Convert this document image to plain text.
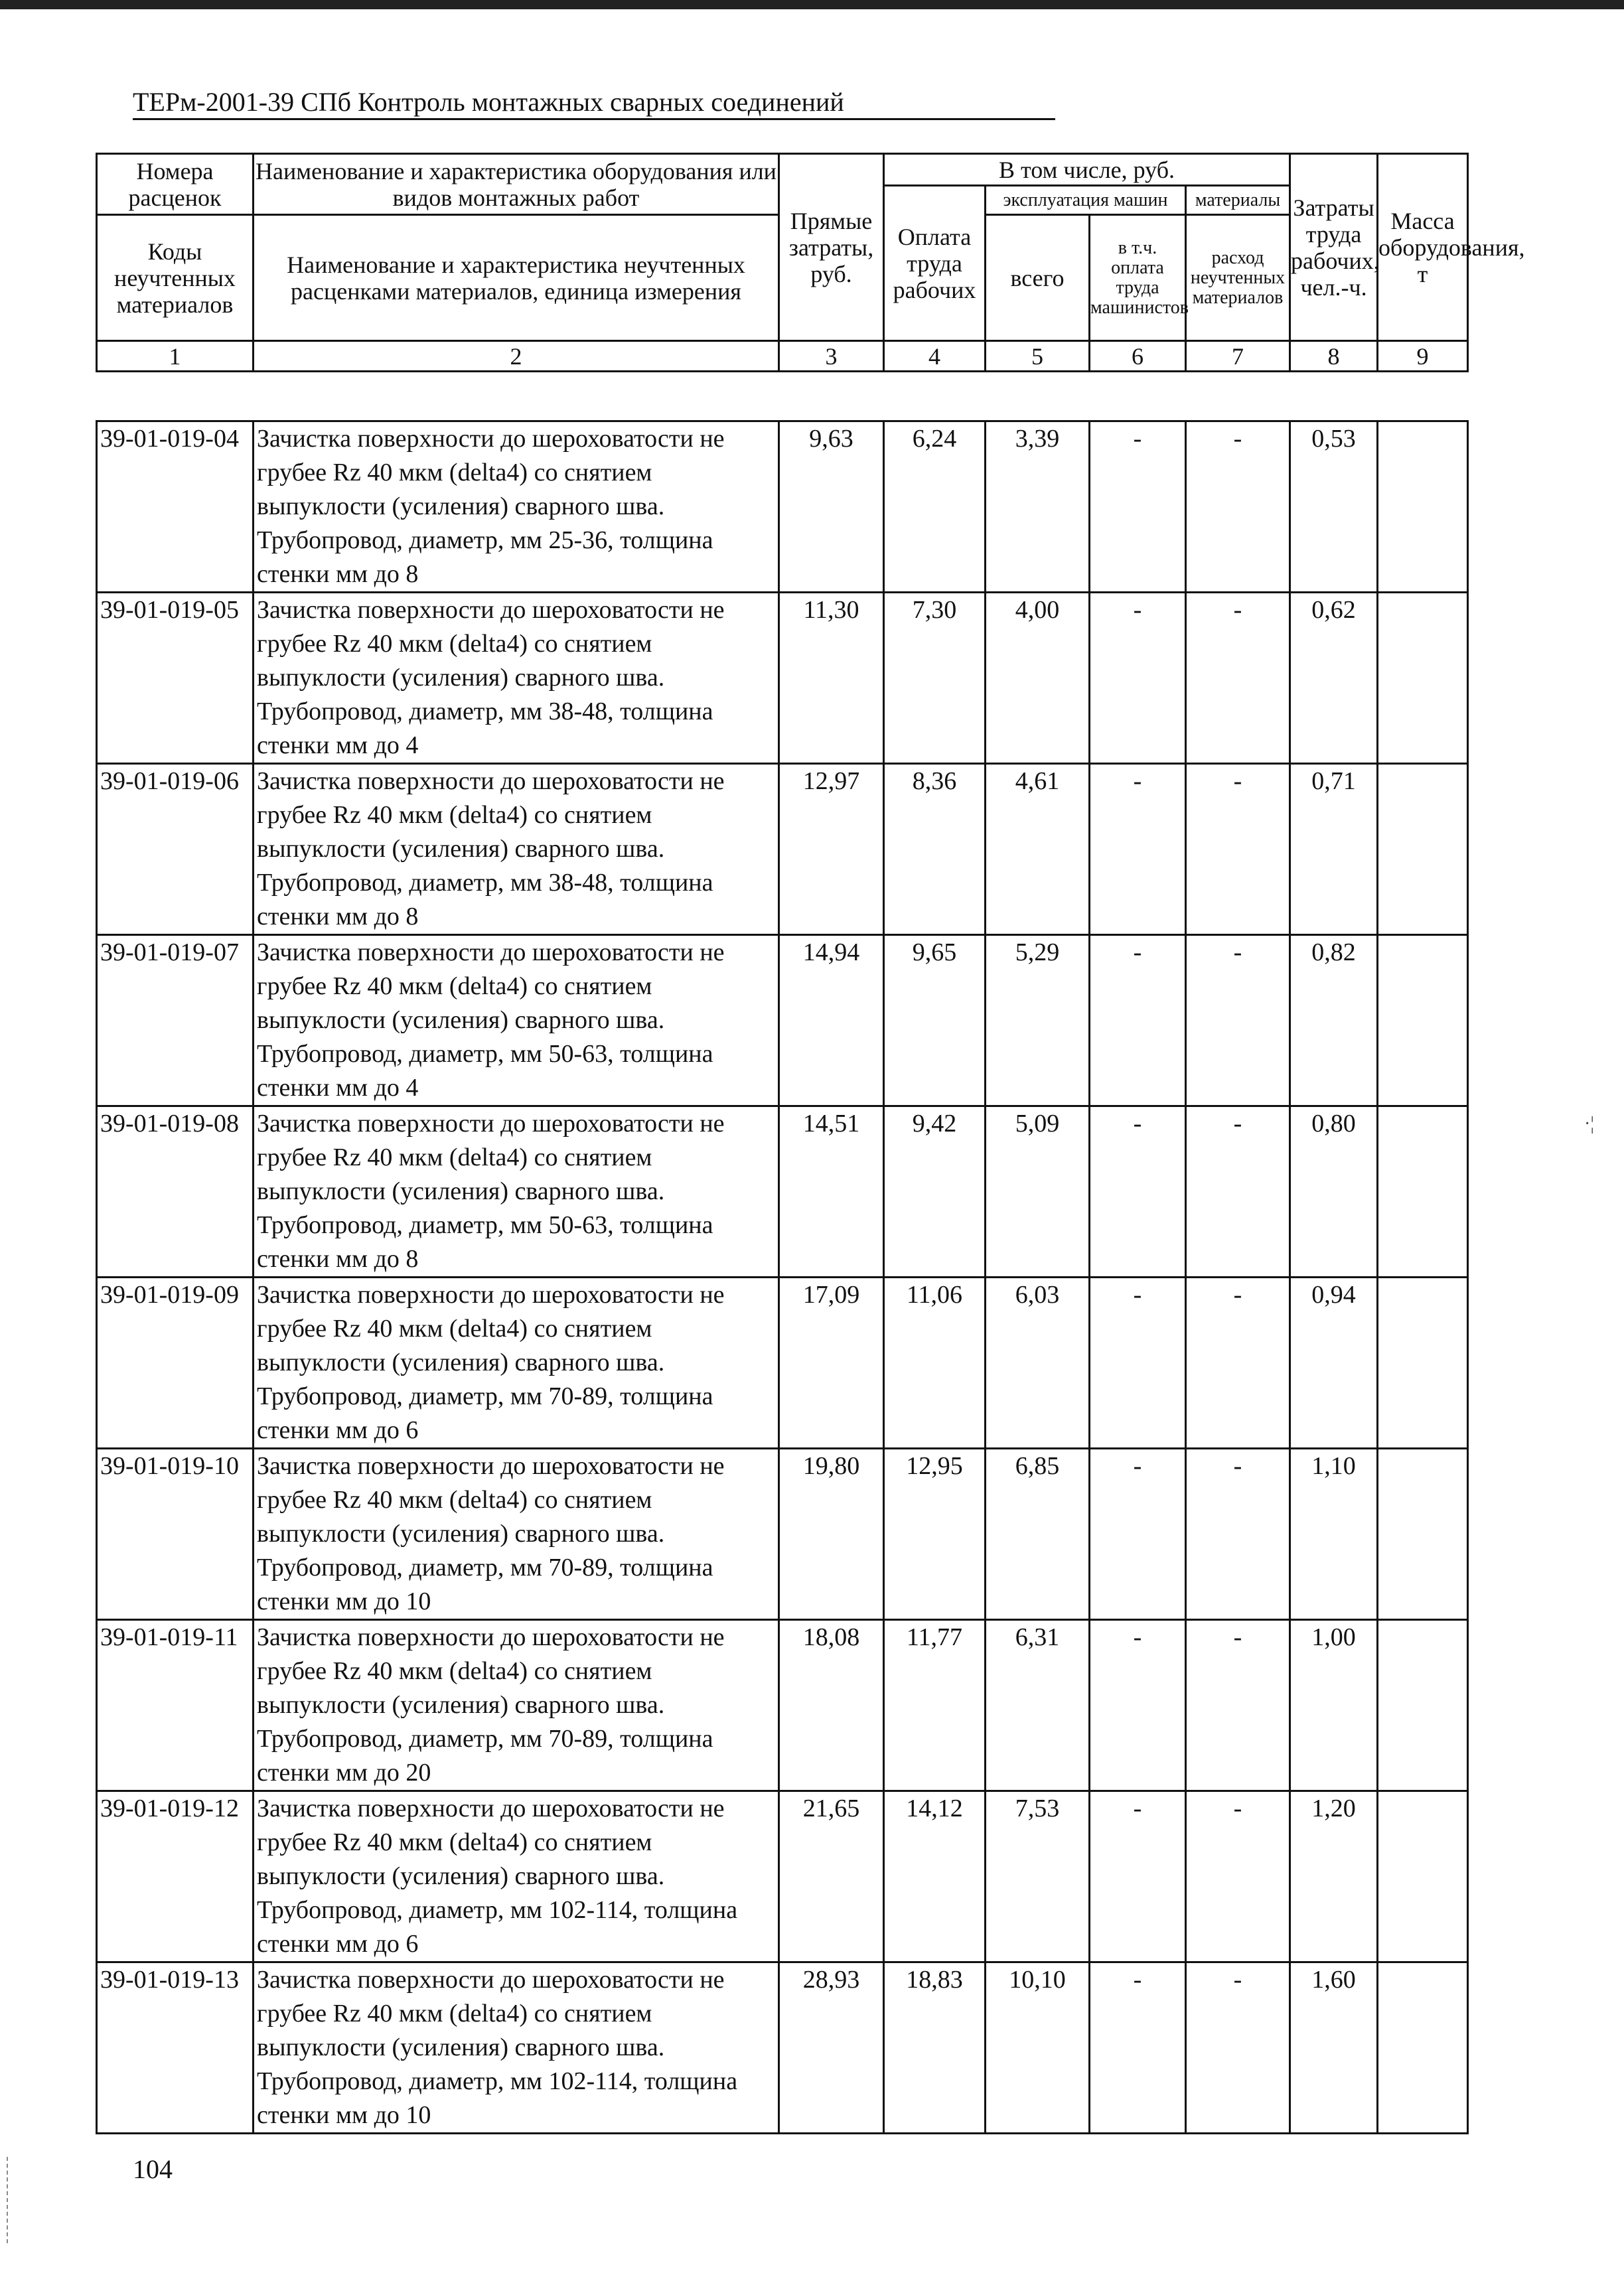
ТЕРм-2001-39 СПб Контроль монтажных сварных соединений
Номера расценок	Наименование и характеристика оборудования или видов монтажных работ	Прямые затраты, руб.	В том числе, руб.				Затраты труда рабочих, чел.-ч.	Масса оборудования, т
			Оплата труда рабочих	эксплуатация машин		материалы		
Коды неучтенных материалов	Наименование и характеристика неучтенных расценками материалов, единица измерения			всего	в т.ч. оплата труда машинистов	расход неучтенных материалов		

1	2	3	4	5	6	7	8	9
39-01-019-04	Зачистка поверхности до шероховатости не грубее Rz 40 мкм (delta4) со снятием выпуклости (усиления) сварного шва. Трубопровод, диаметр, мм 25-36, толщина стенки мм до 8	9,63	6,24	3,39	-	-	0,53	
39-01-019-05	Зачистка поверхности до шероховатости не грубее Rz 40 мкм (delta4) со снятием выпуклости (усиления) сварного шва. Трубопровод, диаметр, мм 38-48, толщина стенки мм до 4	11,30	7,30	4,00	-	-	0,62	
39-01-019-06	Зачистка поверхности до шероховатости не грубее Rz 40 мкм (delta4) со снятием выпуклости (усиления) сварного шва. Трубопровод, диаметр, мм 38-48, толщина стенки мм до 8	12,97	8,36	4,61	-	-	0,71	
39-01-019-07	Зачистка поверхности до шероховатости не грубее Rz 40 мкм (delta4) со снятием выпуклости (усиления) сварного шва. Трубопровод, диаметр, мм 50-63, толщина стенки мм до 4	14,94	9,65	5,29	-	-	0,82	
39-01-019-08	Зачистка поверхности до шероховатости не грубее Rz 40 мкм (delta4) со снятием выпуклости (усиления) сварного шва. Трубопровод, диаметр, мм 50-63, толщина стенки мм до 8	14,51	9,42	5,09	-	-	0,80	
39-01-019-09	Зачистка поверхности до шероховатости не грубее Rz 40 мкм (delta4) со снятием выпуклости (усиления) сварного шва. Трубопровод, диаметр, мм 70-89, толщина стенки мм до 6	17,09	11,06	6,03	-	-	0,94	
39-01-019-10	Зачистка поверхности до шероховатости не грубее Rz 40 мкм (delta4) со снятием выпуклости (усиления) сварного шва. Трубопровод, диаметр, мм 70-89, толщина стенки мм до 10	19,80	12,95	6,85	-	-	1,10	
39-01-019-11	Зачистка поверхности до шероховатости не грубее Rz 40 мкм (delta4) со снятием выпуклости (усиления) сварного шва. Трубопровод, диаметр, мм 70-89, толщина стенки мм до 20	18,08	11,77	6,31	-	-	1,00	
39-01-019-12	Зачистка поверхности до шероховатости не грубее Rz 40 мкм (delta4) со снятием выпуклости (усиления) сварного шва. Трубопровод, диаметр, мм 102-114, толщина стенки мм до 6	21,65	14,12	7,53	-	-	1,20	
39-01-019-13	Зачистка поверхности до шероховатости не грубее Rz 40 мкм (delta4) со снятием выпуклости (усиления) сварного шва. Трубопровод, диаметр, мм 102-114, толщина стенки мм до 10	28,93	18,83	10,10	-	-	1,60	
104
·¦
